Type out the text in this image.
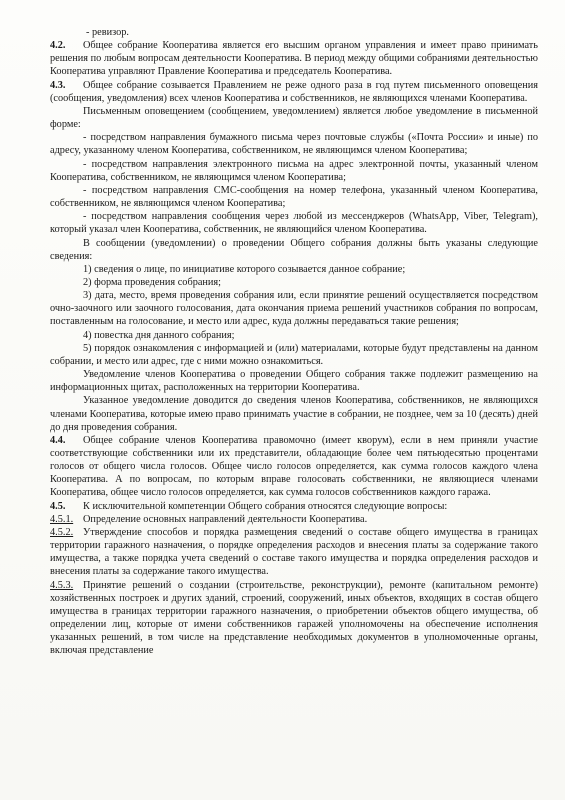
- ревизор.

4.2. Общее собрание Кооператива является его высшим органом управления и имеет право принимать решения по любым вопросам деятельности Кооператива. В период между общими собраниями деятельностью Кооператива управляют Правление Кооператива и председатель Кооператива.

4.3. Общее собрание созывается Правлением не реже одного раза в год путем письменного оповещения (сообщения, уведомления) всех членов Кооператива и собственников, не являющихся членами Кооператива.

Письменным оповещением (сообщением, уведомлением) является любое уведомление в письменной форме:

- посредством направления бумажного письма через почтовые службы («Почта России» и иные) по адресу, указанному членом Кооператива, собственником, не являющимся членом Кооператива;

- посредством направления электронного письма на адрес электронной почты, указанный членом Кооператива, собственником, не являющимся членом Кооператива;

- посредством направления СМС-сообщения на номер телефона, указанный членом Кооператива, собственником, не являющимся членом Кооператива;

- посредством направления сообщения через любой из мессенджеров (WhatsApp, Viber, Telegram), который указал член Кооператива, собственник, не являющийся членом Кооператива.

В сообщении (уведомлении) о проведении Общего собрания должны быть указаны следующие сведения:

1) сведения о лице, по инициативе которого созывается данное собрание;

2) форма проведения собрания;

3) дата, место, время проведения собрания или, если принятие решений осуществляется посредством очно-заочного или заочного голосования, дата окончания приема решений участников собрания по вопросам, поставленным на голосование, и место или адрес, куда должны передаваться такие решения;

4) повестка дня данного собрания;

5) порядок ознакомления с информацией и (или) материалами, которые будут представлены на данном собрании, и место или адрес, где с ними можно ознакомиться.

Уведомление членов Кооператива о проведении Общего собрания также подлежит размещению на информационных щитах, расположенных на территории Кооператива.

Указанное уведомление доводится до сведения членов Кооператива, собственников, не являющихся членами Кооператива, которые имею право принимать участие в собрании, не позднее, чем за 10 (десять) дней до дня проведения собрания.

4.4. Общее собрание членов Кооператива правомочно (имеет кворум), если в нем приняли участие соответствующие собственники или их представители, обладающие более чем пятьюдесятью процентами голосов от общего числа голосов. Общее число голосов определяется, как сумма голосов каждого члена Кооператива. А по вопросам, по которым вправе голосовать собственники, не являющиеся членами Кооператива, общее число голосов определяется, как сумма голосов собственников каждого гаража.

4.5. К исключительной компетенции Общего собрания относятся следующие вопросы:

4.5.1. Определение основных направлений деятельности Кооператива.

4.5.2. Утверждение способов и порядка размещения сведений о составе общего имущества в границах территории гаражного назначения, о порядке определения расходов и внесения платы за содержание такого имущества, а также порядка учета сведений о составе такого имущества и порядка определения расходов и внесения платы за содержание такого имущества.

4.5.3. Принятие решений о создании (строительстве, реконструкции), ремонте (капитальном ремонте) хозяйственных построек и других зданий, строений, сооружений, иных объектов, входящих в состав общего имущества в границах территории гаражного назначения, о приобретении объектов общего имущества, об определении лиц, которые от имени собственников гаражей уполномочены на обеспечение исполнения указанных решений, в том числе на представление необходимых документов в уполномоченные органы, включая представление
